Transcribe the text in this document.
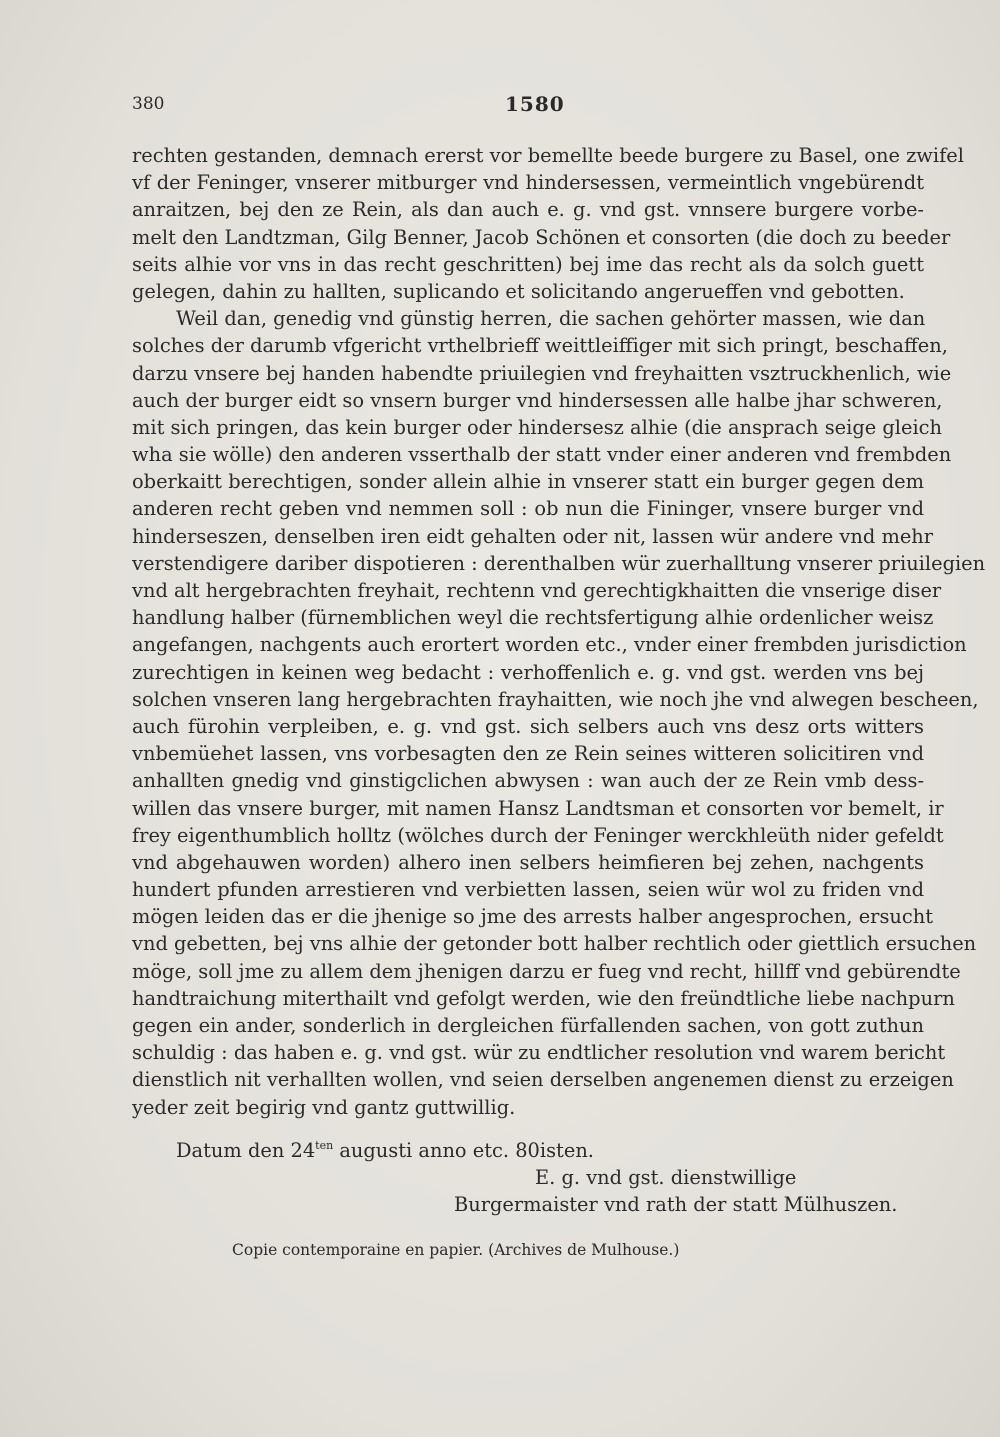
380	1580
rechten gestanden, demnach ererst vor bemellte beede burgere zu Basel, one zwifel
vf der Feninger, vnserer mitburger vnd hindersessen, vermeintlich vngebürendt
anraitzen, bej den ze Rein, als dan auch e. g. vnd gst. vnnsere burgere vorbe-
melt den Landtzman, Gilg Benner, Jacob Schönen et consorten (die doch zu beeder
seits alhie vor vns in das recht geschritten) bej ime das recht als da solch guett
gelegen, dahin zu hallten, suplicando et solicitando angerueffen vnd gebotten.
Weil dan, genedig vnd günstig herren, die sachen gehörter massen, wie dan
solches der darumb vfgericht vrthelbrieff weittleiffiger mit sich pringt, beschaffen,
darzu vnsere bej handen habendte priuilegien vnd freyhaitten vsztruckhenlich, wie
auch der burger eidt so vnsern burger vnd hindersessen alle halbe jhar schweren,
mit sich pringen, das kein burger oder hindersesz alhie (die ansprach seige gleich
wha sie wölle) den anderen vsserthalb der statt vnder einer anderen vnd frembden
oberkaitt berechtigen, sonder allein alhie in vnserer statt ein burger gegen dem
anderen recht geben vnd nemmen soll : ob nun die Fininger, vnsere burger vnd
hinderseszen, denselben iren eidt gehalten oder nit, lassen wür andere vnd mehr
verstendigere dariber dispotieren : derenthalben wür zuerhalltung vnserer priuilegien
vnd alt hergebrachten freyhait, rechtenn vnd gerechtigkhaitten die vnserige diser
handlung halber (fürnemblichen weyl die rechtsfertigung alhie ordenlicher weisz
angefangen, nachgents auch erortert worden etc., vnder einer frembden jurisdiction
zurechtigen in keinen weg bedacht : verhoffenlich e. g. vnd gst. werden vns bej
solchen vnseren lang hergebrachten frayhaitten, wie noch jhe vnd alwegen bescheen,
auch fürohin verpleiben, e. g. vnd gst. sich selbers auch vns desz orts witters
vnbemüehet lassen, vns vorbesagten den ze Rein seines witteren solicitiren vnd
anhallten gnedig vnd ginstigclichen abwysen : wan auch der ze Rein vmb dess-
willen das vnsere burger, mit namen Hansz Landtsman et consorten vor bemelt, ir
frey eigenthumblich holltz (wölches durch der Feninger werckhleüth nider gefeldt
vnd abgehauwen worden) alhero inen selbers heimfieren bej zehen, nachgents
hundert pfunden arrestieren vnd verbietten lassen, seien wür wol zu friden vnd
mögen leiden das er die jhenige so jme des arrests halber angesprochen, ersucht
vnd gebetten, bej vns alhie der getonder bott halber rechtlich oder giettlich ersuchen
möge, soll jme zu allem dem jhenigen darzu er fueg vnd recht, hillff vnd gebürendte
handtraichung miterthailt vnd gefolgt werden, wie den freündtliche liebe nachpurn
gegen ein ander, sonderlich in dergleichen fürfallenden sachen, von gott zuthun
schuldig : das haben e. g. vnd gst. wür zu endtlicher resolution vnd warem bericht
dienstlich nit verhallten wollen, vnd seien derselben angenemen dienst zu erzeigen
yeder zeit begirig vnd gantz guttwillig.
Datum den $24^{ten}$ augusti anno etc. 80isten.
E. g. vnd gst. dienstwillige
Burgermaister vnd rath der statt Mülhuszen.
Copie contemporaine en papier. (Archives de Mulhouse.)
